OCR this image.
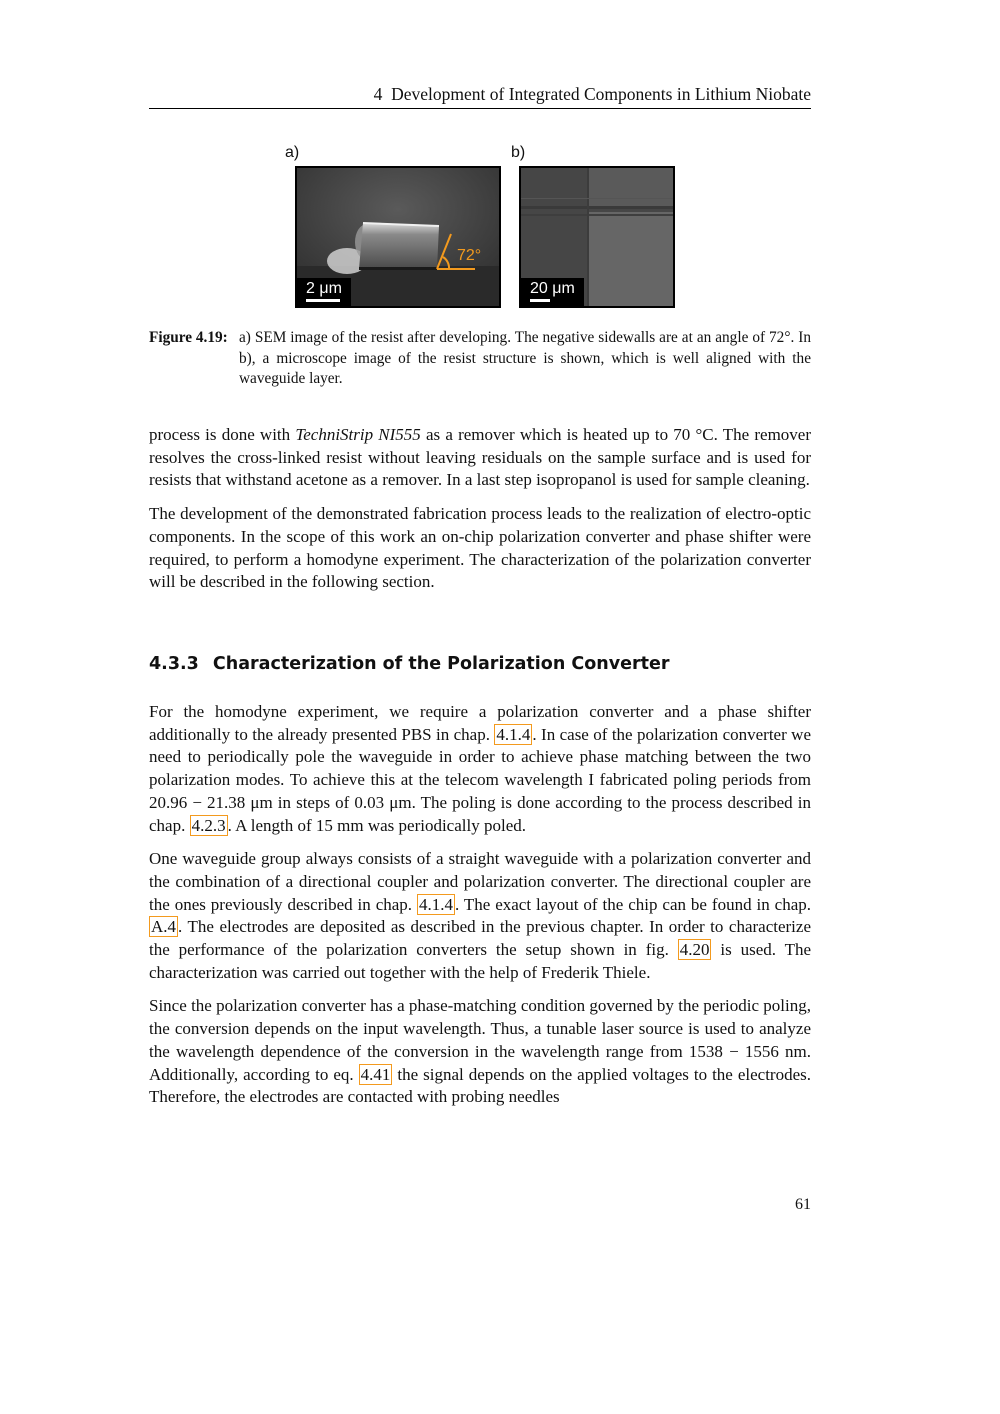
4 Development of Integrated Components in Lithium Niobate
a)	b)
72°
2 μm	20 μm
Figure 4.19: a) SEM image of the resist after developing. The negative sidewalls are at an angle of 72°. In b), a microscope image of the resist structure is shown, which is well aligned with the waveguide layer.

process is done with TechniStrip NI555 as a remover which is heated up to 70 °C. The remover resolves the cross-linked resist without leaving residuals on the sample surface and is used for resists that withstand acetone as a remover. In a last step isopropanol is used for sample cleaning.

The development of the demonstrated fabrication process leads to the realization of electro-optic components. In the scope of this work an on-chip polarization converter and phase shifter were required, to perform a homodyne experiment. The characterization of the polarization converter will be described in the following section.

4.3.3 Characterization of the Polarization Converter

For the homodyne experiment, we require a polarization converter and a phase shifter additionally to the already presented PBS in chap. 4.1.4 . In case of the polarization converter we need to periodically pole the waveguide in order to achieve phase matching between the two polarization modes. To achieve this at the telecom wavelength I fabricated poling periods from 20.96 − 21.38 μm in steps of 0.03 μm. The poling is done according to the process described in chap. 4.2.3 . A length of 15 mm was periodically poled.

One waveguide group always consists of a straight waveguide with a polarization converter and the combination of a directional coupler and polarization converter. The directional coupler are the ones previously described in chap. 4.1.4 . The exact layout of the chip can be found in chap. A.4 . The electrodes are deposited as described in the previous chapter. In order to characterize the performance of the polarization converters the setup shown in fig. 4.20 is used. The characterization was carried out together with the help of Frederik Thiele.

Since the polarization converter has a phase-matching condition governed by the periodic poling, the conversion depends on the input wavelength. Thus, a tunable laser source is used to analyze the wavelength dependence of the conversion in the wavelength range from 1538 − 1556 nm. Additionally, according to eq. 4.41 the signal depends on the applied voltages to the electrodes. Therefore, the electrodes are contacted with probing needles

61
